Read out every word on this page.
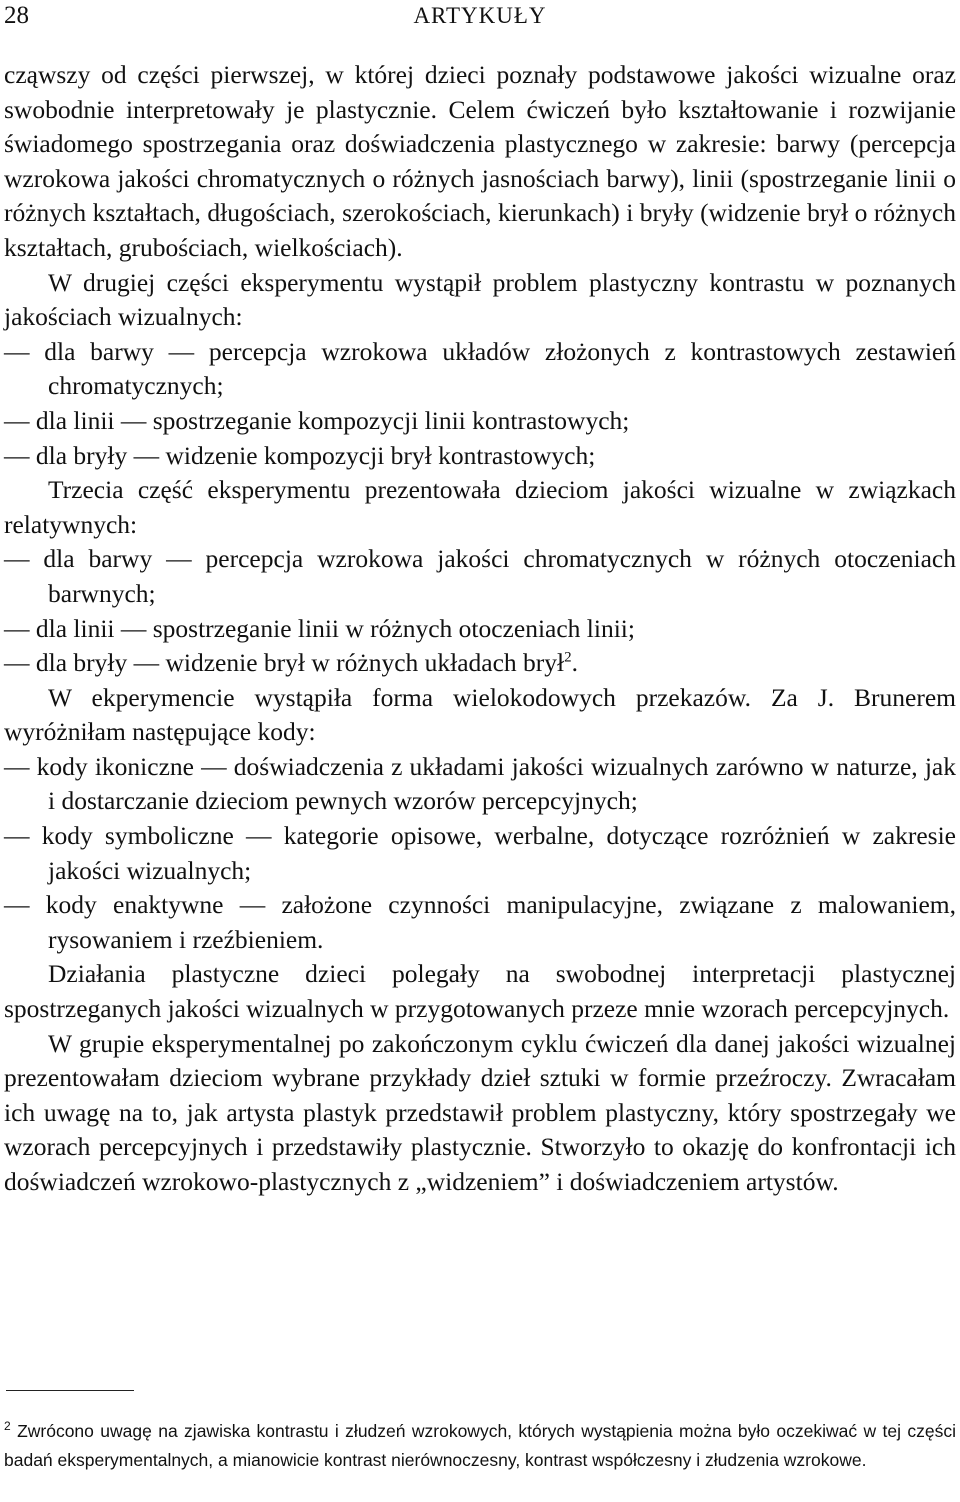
28	ARTYKUŁY

cząwszy od części pierwszej, w której dzieci poznały podstawowe jakości wizualne oraz swobodnie interpretowały je plastycznie. Celem ćwiczeń było kształtowanie i rozwijanie świadomego spostrzegania oraz doświadczenia plastycznego w zakresie: barwy (percepcja wzrokowa jakości chromatycznych o różnych jasnościach barwy), linii (spostrzeganie linii o różnych kształtach, długościach, szerokościach, kierunkach) i bryły (widzenie brył o różnych kształtach, grubościach, wielkościach).

W drugiej części eksperymentu wystąpił problem plastyczny kontrastu w poznanych jakościach wizualnych:

— dla barwy — percepcja wzrokowa układów złożonych z kontrastowych zestawień chromatycznych;

— dla linii — spostrzeganie kompozycji linii kontrastowych;

— dla bryły — widzenie kompozycji brył kontrastowych;

Trzecia część eksperymentu prezentowała dzieciom jakości wizualne w związkach relatywnych:

— dla barwy — percepcja wzrokowa jakości chromatycznych w różnych otoczeniach barwnych;

— dla linii — spostrzeganie linii w różnych otoczeniach linii;

— dla bryły — widzenie brył w różnych układach brył$^2$.

W ekperymencie wystąpiła forma wielokodowych przekazów. Za J. Brunerem wyróżniłam następujące kody:

— kody ikoniczne — doświadczenia z układami jakości wizualnych zarówno w naturze, jak i dostarczanie dzieciom pewnych wzorów percepcyjnych;

— kody symboliczne — kategorie opisowe, werbalne, dotyczące rozróżnień w zakresie jakości wizualnych;

— kody enaktywne — założone czynności manipulacyjne, związane z malowaniem, rysowaniem i rzeźbieniem.

Działania plastyczne dzieci polegały na swobodnej interpretacji plastycznej spostrzeganych jakości wizualnych w przygotowanych przeze mnie wzorach percepcyjnych.

W grupie eksperymentalnej po zakończonym cyklu ćwiczeń dla danej jakości wizualnej prezentowałam dzieciom wybrane przykłady dzieł sztuki w formie przeźroczy. Zwracałam ich uwagę na to, jak artysta plastyk przedstawił problem plastyczny, który spostrzegały we wzorach percepcyjnych i przedstawiły plastycznie. Stworzyło to okazję do konfrontacji ich doświadczeń wzrokowo-plastycznych z „widzeniem” i doświadczeniem artystów.

$^2$ Zwrócono uwagę na zjawiska kontrastu i złudzeń wzrokowych, których wystąpienia można było oczekiwać w tej części badań eksperymentalnych, a mianowicie kontrast nierównoczesny, kontrast współczesny i złudzenia wzrokowe.
